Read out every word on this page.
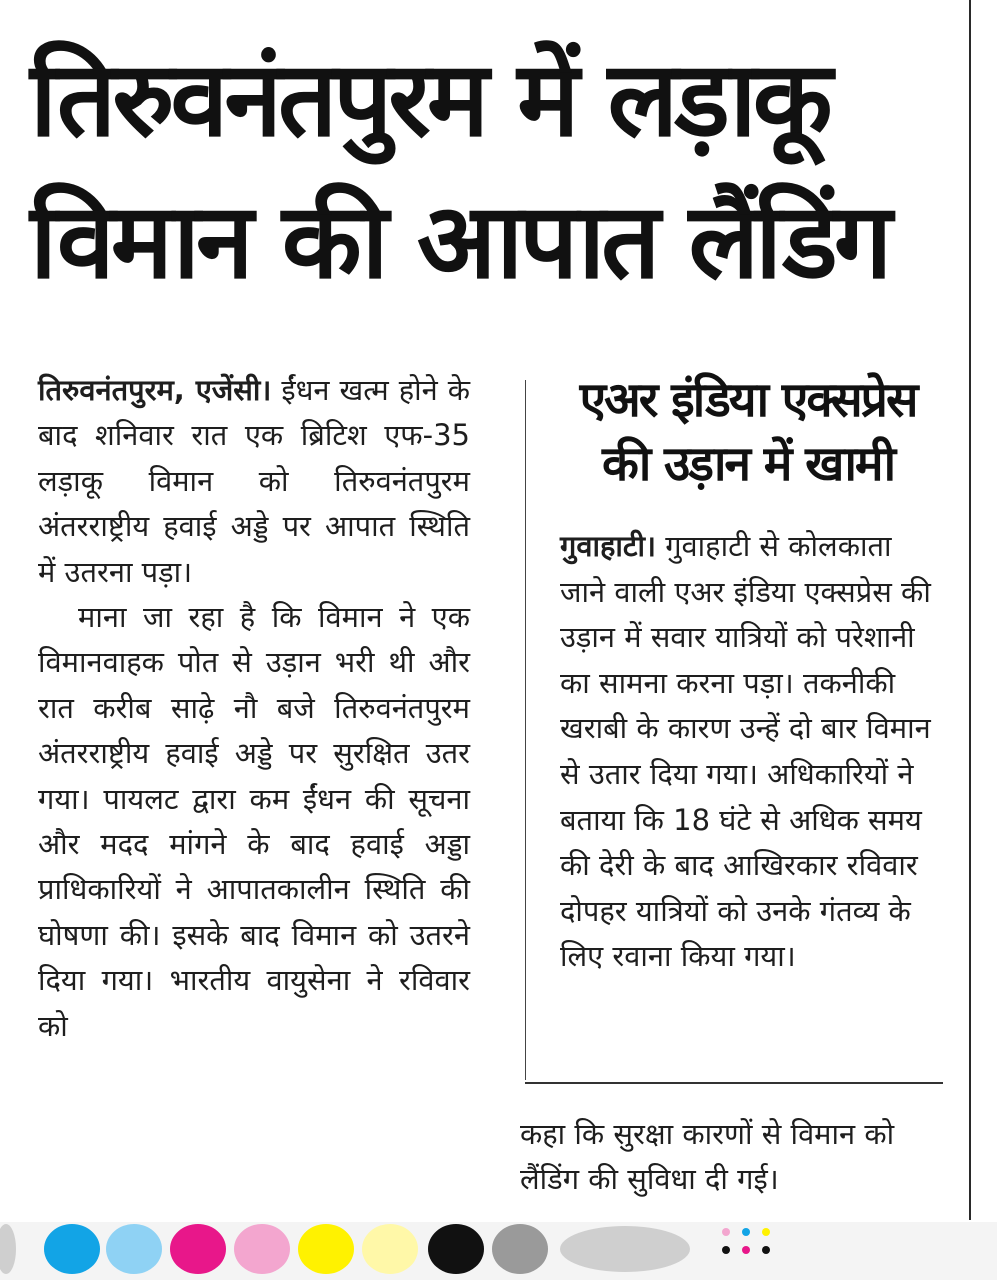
तिरुवनंतपुरम में लड़ाकू
विमान की आपात लैंडिंग

तिरुवनंतपुरम, एजेंसी। ईंधन खत्म होने के बाद शनिवार रात एक ब्रिटिश एफ-35 लड़ाकू विमान को तिरुवनंतपुरम अंतरराष्ट्रीय हवाई अड्डे पर आपात स्थिति में उतरना पड़ा।

माना जा रहा है कि विमान ने एक विमानवाहक पोत से उड़ान भरी थी और रात करीब साढ़े नौ बजे तिरुवनंतपुरम अंतरराष्ट्रीय हवाई अड्डे पर सुरक्षित उतर गया। पायलट द्वारा कम ईंधन की सूचना और मदद मांगने के बाद हवाई अड्डा प्राधिकारियों ने आपातकालीन स्थिति की घोषणा की। इसके बाद विमान को उतरने दिया गया। भारतीय वायुसेना ने रविवार को

एअर इंडिया एक्सप्रेस
की उड़ान में खामी

गुवाहाटी। गुवाहाटी से कोलकाता जाने वाली एअर इंडिया एक्सप्रेस की उड़ान में सवार यात्रियों को परेशानी का सामना करना पड़ा। तकनीकी खराबी के कारण उन्हें दो बार विमान से उतार दिया गया। अधिकारियों ने बताया कि 18 घंटे से अधिक समय की देरी के बाद आखिरकार रविवार दोपहर यात्रियों को उनके गंतव्य के लिए रवाना किया गया।

कहा कि सुरक्षा कारणों से विमान को लैंडिंग की सुविधा दी गई।
